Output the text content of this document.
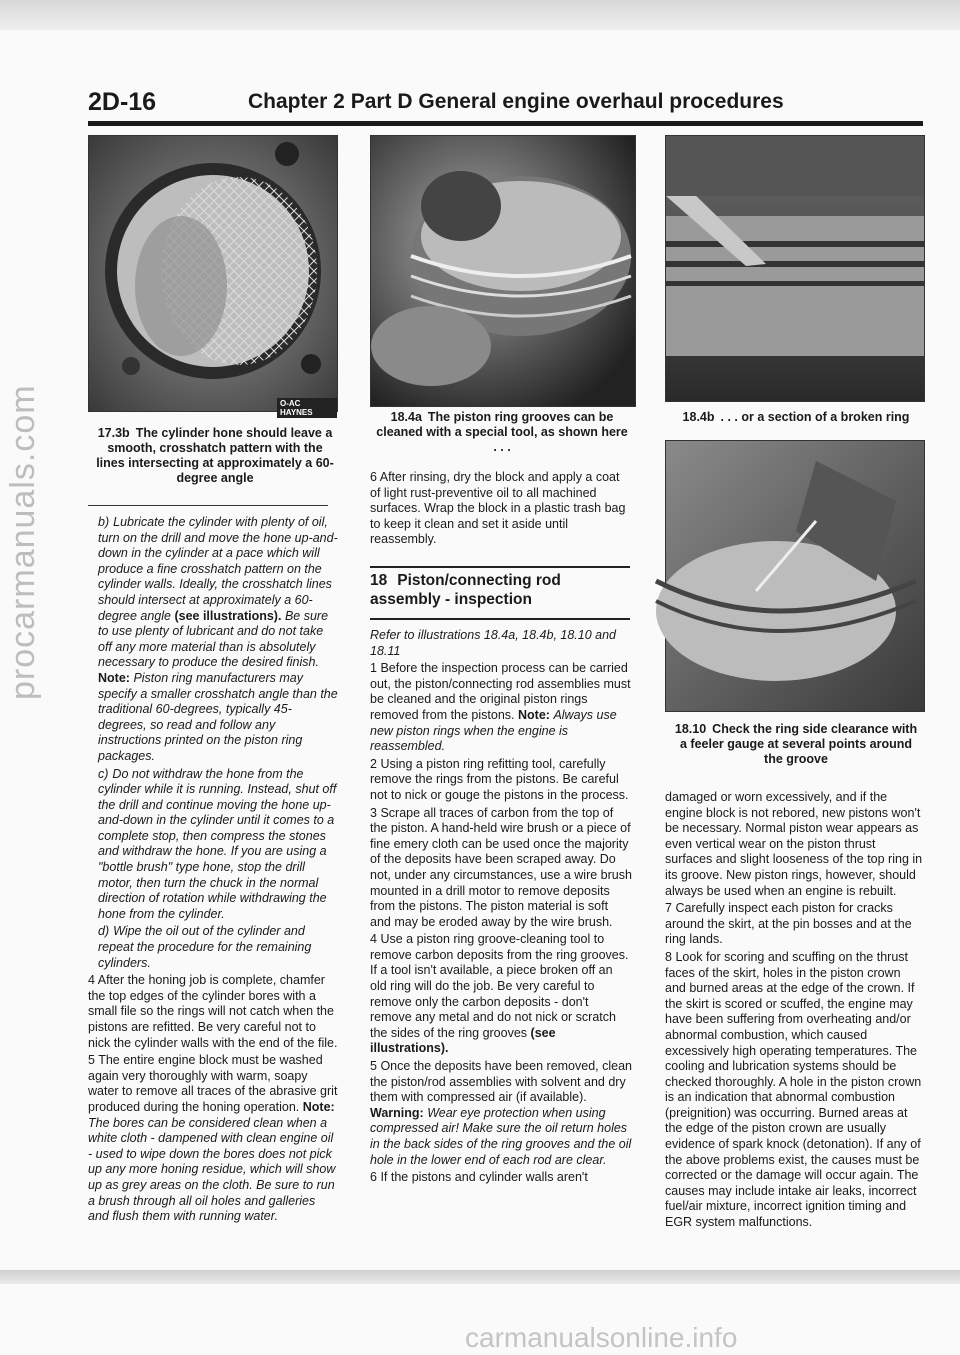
2D-16	Chapter 2 Part D General engine overhaul procedures
O-AC HAYNES
17.3b The cylinder hone should leave a smooth, crosshatch pattern with the lines intersecting at approximately a 60-degree angle
18.4a The piston ring grooves can be cleaned with a special tool, as shown here . . .
18.4b . . . or a section of a broken ring
18.10 Check the ring side clearance with a feeler gauge at several points around the groove

b) Lubricate the cylinder with plenty of oil, turn on the drill and move the hone up-and-down in the cylinder at a pace which will produce a fine crosshatch pattern on the cylinder walls. Ideally, the crosshatch lines should intersect at approximately a 60-degree angle (see illustrations). Be sure to use plenty of lubricant and do not take off any more material than is absolutely necessary to produce the desired finish. Note: Piston ring manufacturers may specify a smaller crosshatch angle than the traditional 60-degrees, typically 45-degrees, so read and follow any instructions printed on the piston ring packages.

c) Do not withdraw the hone from the cylinder while it is running. Instead, shut off the drill and continue moving the hone up-and-down in the cylinder until it comes to a complete stop, then compress the stones and withdraw the hone. If you are using a "bottle brush" type hone, stop the drill motor, then turn the chuck in the normal direction of rotation while withdrawing the hone from the cylinder.

d) Wipe the oil out of the cylinder and repeat the procedure for the remaining cylinders.

4 After the honing job is complete, chamfer the top edges of the cylinder bores with a small file so the rings will not catch when the pistons are refitted. Be very careful not to nick the cylinder walls with the end of the file.

5 The entire engine block must be washed again very thoroughly with warm, soapy water to remove all traces of the abrasive grit produced during the honing operation. Note: The bores can be considered clean when a white cloth - dampened with clean engine oil - used to wipe down the bores does not pick up any more honing residue, which will show up as grey areas on the cloth. Be sure to run a brush through all oil holes and galleries and flush them with running water.

6 After rinsing, dry the block and apply a coat of light rust-preventive oil to all machined surfaces. Wrap the block in a plastic trash bag to keep it clean and set it aside until reassembly.

18 Piston/connecting rod assembly - inspection

Refer to illustrations 18.4a, 18.4b, 18.10 and 18.11

1 Before the inspection process can be carried out, the piston/connecting rod assemblies must be cleaned and the original piston rings removed from the pistons. Note: Always use new piston rings when the engine is reassembled.

2 Using a piston ring refitting tool, carefully remove the rings from the pistons. Be careful not to nick or gouge the pistons in the process.

3 Scrape all traces of carbon from the top of the piston. A hand-held wire brush or a piece of fine emery cloth can be used once the majority of the deposits have been scraped away. Do not, under any circumstances, use a wire brush mounted in a drill motor to remove deposits from the pistons. The piston material is soft and may be eroded away by the wire brush.

4 Use a piston ring groove-cleaning tool to remove carbon deposits from the ring grooves. If a tool isn't available, a piece broken off an old ring will do the job. Be very careful to remove only the carbon deposits - don't remove any metal and do not nick or scratch the sides of the ring grooves (see illustrations).

5 Once the deposits have been removed, clean the piston/rod assemblies with solvent and dry them with compressed air (if available). Warning: Wear eye protection when using compressed air! Make sure the oil return holes in the back sides of the ring grooves and the oil hole in the lower end of each rod are clear.

6 If the pistons and cylinder walls aren't

damaged or worn excessively, and if the engine block is not rebored, new pistons won't be necessary. Normal piston wear appears as even vertical wear on the piston thrust surfaces and slight looseness of the top ring in its groove. New piston rings, however, should always be used when an engine is rebuilt.

7 Carefully inspect each piston for cracks around the skirt, at the pin bosses and at the ring lands.

8 Look for scoring and scuffing on the thrust faces of the skirt, holes in the piston crown and burned areas at the edge of the crown. If the skirt is scored or scuffed, the engine may have been suffering from overheating and/or abnormal combustion, which caused excessively high operating temperatures. The cooling and lubrication systems should be checked thoroughly. A hole in the piston crown is an indication that abnormal combustion (preignition) was occurring. Burned areas at the edge of the piston crown are usually evidence of spark knock (detonation). If any of the above problems exist, the causes must be corrected or the damage will occur again. The causes may include intake air leaks, incorrect fuel/air mixture, incorrect ignition timing and EGR system malfunctions.

procarmanuals.com
carmanualsonline.info
